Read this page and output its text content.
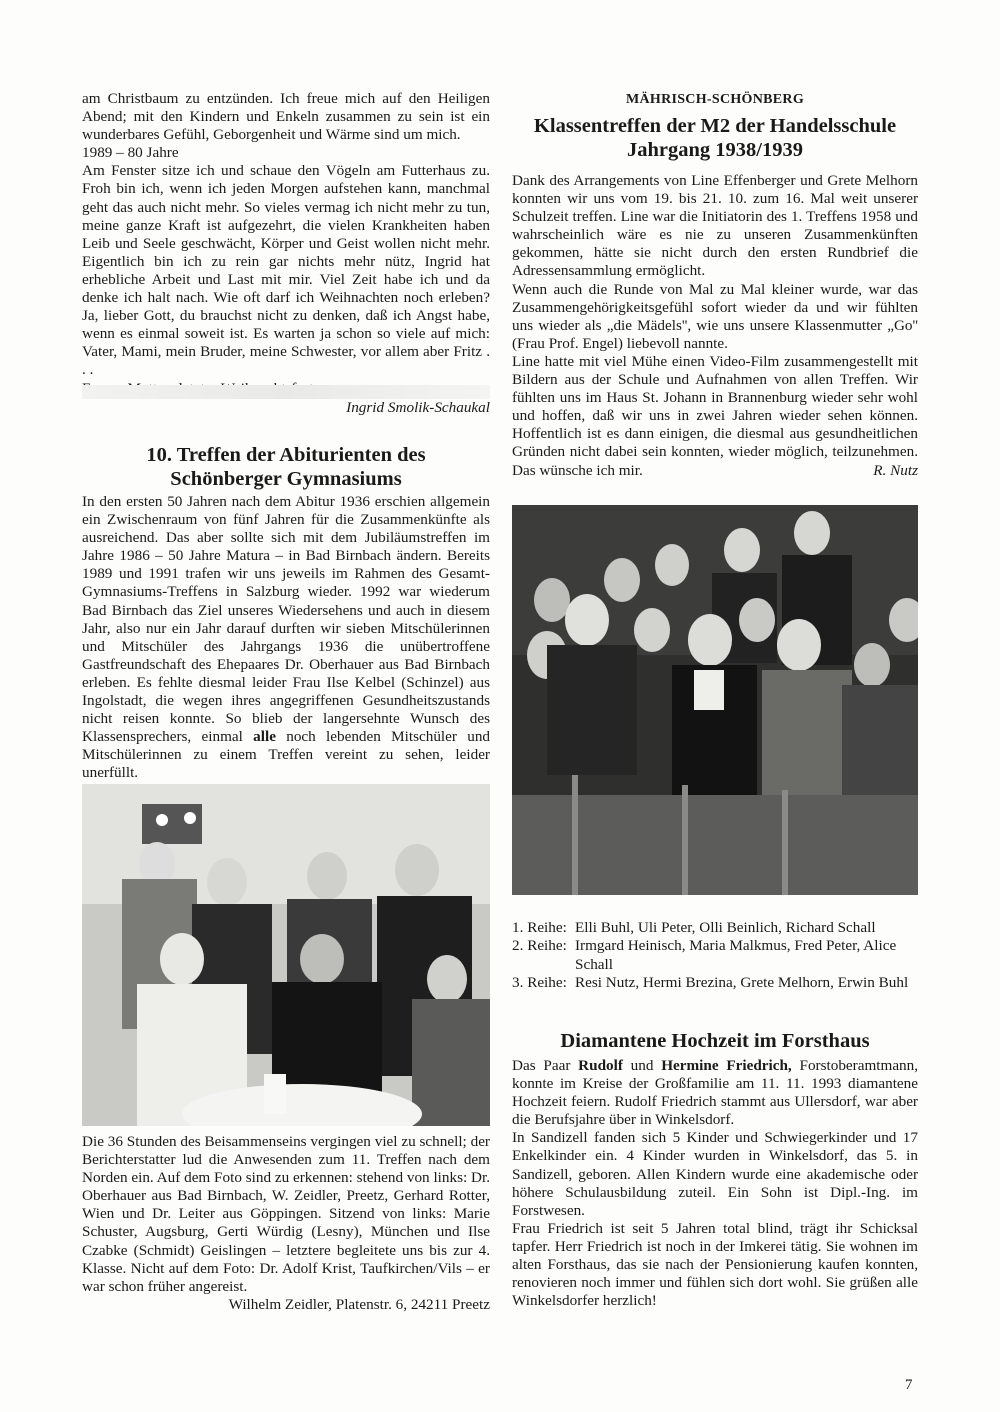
am Christbaum zu entzünden. Ich freue mich auf den Heiligen Abend; mit den Kindern und Enkeln zusammen zu sein ist ein wunderbares Gefühl, Geborgenheit und Wärme sind um mich.

1989 – 80 Jahre

Am Fenster sitze ich und schaue den Vögeln am Futterhaus zu. Froh bin ich, wenn ich jeden Morgen aufstehen kann, manchmal geht das auch nicht mehr. So vieles vermag ich nicht mehr zu tun, meine ganze Kraft ist aufgezehrt, die vielen Krankheiten haben Leib und Seele geschwächt, Körper und Geist wollen nicht mehr. Eigentlich bin ich zu rein gar nichts mehr nütz, Ingrid hat erhebliche Arbeit und Last mit mir. Viel Zeit habe ich und da denke ich halt nach. Wie oft darf ich Weihnachten noch erleben? Ja, lieber Gott, du brauchst nicht zu denken, daß ich Angst habe, wenn es einmal soweit ist. Es warten ja schon so viele auf mich: Vater, Mami, mein Bruder, meine Schwester, vor allem aber Fritz . . .

Ingrid Smolik-Schaukal

10. Treffen der Abiturienten des
Schönberger Gymnasiums

In den ersten 50 Jahren nach dem Abitur 1936 erschien allgemein ein Zwischenraum von fünf Jahren für die Zusammenkünfte als ausreichend. Das aber sollte sich mit dem Jubiläumstreffen im Jahre 1986 – 50 Jahre Matura – in Bad Birnbach ändern. Bereits 1989 und 1991 trafen wir uns jeweils im Rahmen des Gesamt-Gymnasiums-Treffens in Salzburg wieder. 1992 war wiederum Bad Birnbach das Ziel unseres Wiedersehens und auch in diesem Jahr, also nur ein Jahr darauf durften wir sieben Mitschülerinnen und Mitschüler des Jahrgangs 1936 die unübertroffene Gastfreundschaft des Ehepaares Dr. Oberhauer aus Bad Birnbach erleben. Es fehlte diesmal leider Frau Ilse Kelbel (Schinzel) aus Ingolstadt, die wegen ihres angegriffenen Gesundheitszustands nicht reisen konnte. So blieb der langersehnte Wunsch des Klassensprechers, einmal alle noch lebenden Mitschüler und Mitschülerinnen zu einem Treffen vereint zu sehen, leider unerfüllt.

Die 36 Stunden des Beisammenseins vergingen viel zu schnell; der Berichterstatter lud die Anwesenden zum 11. Treffen nach dem Norden ein. Auf dem Foto sind zu erkennen: stehend von links: Dr. Oberhauer aus Bad Birnbach, W. Zeidler, Preetz, Gerhard Rotter, Wien und Dr. Leiter aus Göppingen. Sitzend von links: Marie Schuster, Augsburg, Gerti Würdig (Lesny), München und Ilse Czabke (Schmidt) Geislingen – letztere begleitete uns bis zur 4. Klasse. Nicht auf dem Foto: Dr. Adolf Krist, Taufkirchen/Vils – er war schon früher angereist.

Wilhelm Zeidler, Platenstr. 6, 24211 Preetz

MÄHRISCH-SCHÖNBERG
Klassentreffen der M2 der Handelsschule
Jahrgang 1938/1939

Dank des Arrangements von Line Effenberger und Grete Melhorn konnten wir uns vom 19. bis 21. 10. zum 16. Mal weit unserer Schulzeit treffen. Line war die Initiatorin des 1. Treffens 1958 und wahrscheinlich wäre es nie zu unseren Zusammenkünften gekommen, hätte sie nicht durch den ersten Rundbrief die Adressensammlung ermöglicht.

Wenn auch die Runde von Mal zu Mal kleiner wurde, war das Zusammengehörigkeitsgefühl sofort wieder da und wir fühlten uns wieder als „die Mädels'', wie uns unsere Klassenmutter „Go'' (Frau Prof. Engel) liebevoll nannte.

Line hatte mit viel Mühe einen Video-Film zusammengestellt mit Bildern aus der Schule und Aufnahmen von allen Treffen. Wir fühlten uns im Haus St. Johann in Brannenburg wieder sehr wohl und hoffen, daß wir uns in zwei Jahren wieder sehen können. Hoffentlich ist es dann einigen, die diesmal aus gesundheitlichen Gründen nicht dabei sein konnten, wieder möglich, teilzunehmen. Das wünsche ich mir.	R. Nutz

1. Reihe: Elli Buhl, Uli Peter, Olli Beinlich, Richard Schall
2. Reihe: Irmgard Heinisch, Maria Malkmus, Fred Peter, Alice Schall
3. Reihe: Resi Nutz, Hermi Brezina, Grete Melhorn, Erwin Buhl
Diamantene Hochzeit im Forsthaus

Das Paar Rudolf und Hermine Friedrich, Forstoberamtmann, konnte im Kreise der Großfamilie am 11. 11. 1993 diamantene Hochzeit feiern. Rudolf Friedrich stammt aus Ullersdorf, war aber die Berufsjahre über in Winkelsdorf.

In Sandizell fanden sich 5 Kinder und Schwiegerkinder und 17 Enkelkinder ein. 4 Kinder wurden in Winkelsdorf, das 5. in Sandizell, geboren. Allen Kindern wurde eine akademische oder höhere Schulausbildung zuteil. Ein Sohn ist Dipl.-Ing. im Forstwesen.

Frau Friedrich ist seit 5 Jahren total blind, trägt ihr Schicksal tapfer. Herr Friedrich ist noch in der Imkerei tätig. Sie wohnen im alten Forsthaus, das sie nach der Pensionierung kaufen konnten, renovieren noch immer und fühlen sich dort wohl. Sie grüßen alle Winkelsdorfer herzlich!

7
